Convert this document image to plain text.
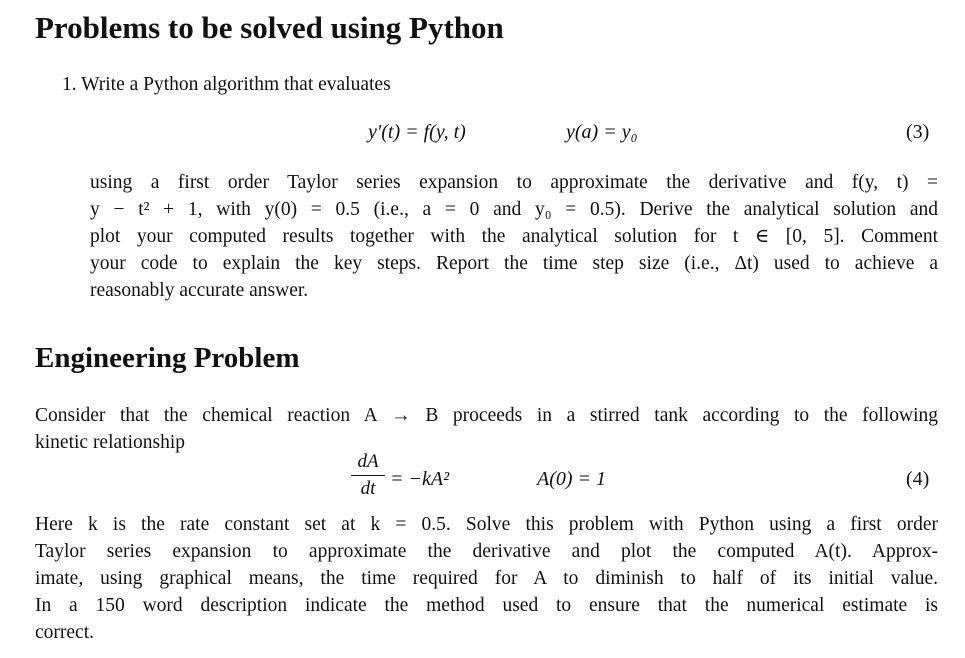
Problems to be solved using Python
1. Write a Python algorithm that evaluates
y′(t) = f(y, t)	y(a) = y₀	(3)
using a first order Taylor series expansion to approximate the derivative and f(y, t) =
y − t² + 1, with y(0) = 0.5 (i.e., a = 0 and y₀ = 0.5). Derive the analytical solution and
plot your computed results together with the analytical solution for t ∈ [0, 5]. Comment
your code to explain the key steps. Report the time step size (i.e., Δt) used to achieve a
reasonably accurate answer.
Engineering Problem
Consider that the chemical reaction A → B proceeds in a stirred tank according to the following
kinetic relationship
dA
dt = −kA²	A(0) = 1	(4)
Here k is the rate constant set at k = 0.5. Solve this problem with Python using a first order
Taylor series expansion to approximate the derivative and plot the computed A(t). Approx-
imate, using graphical means, the time required for A to diminish to half of its initial value.
In a 150 word description indicate the method used to ensure that the numerical estimate is
correct.
